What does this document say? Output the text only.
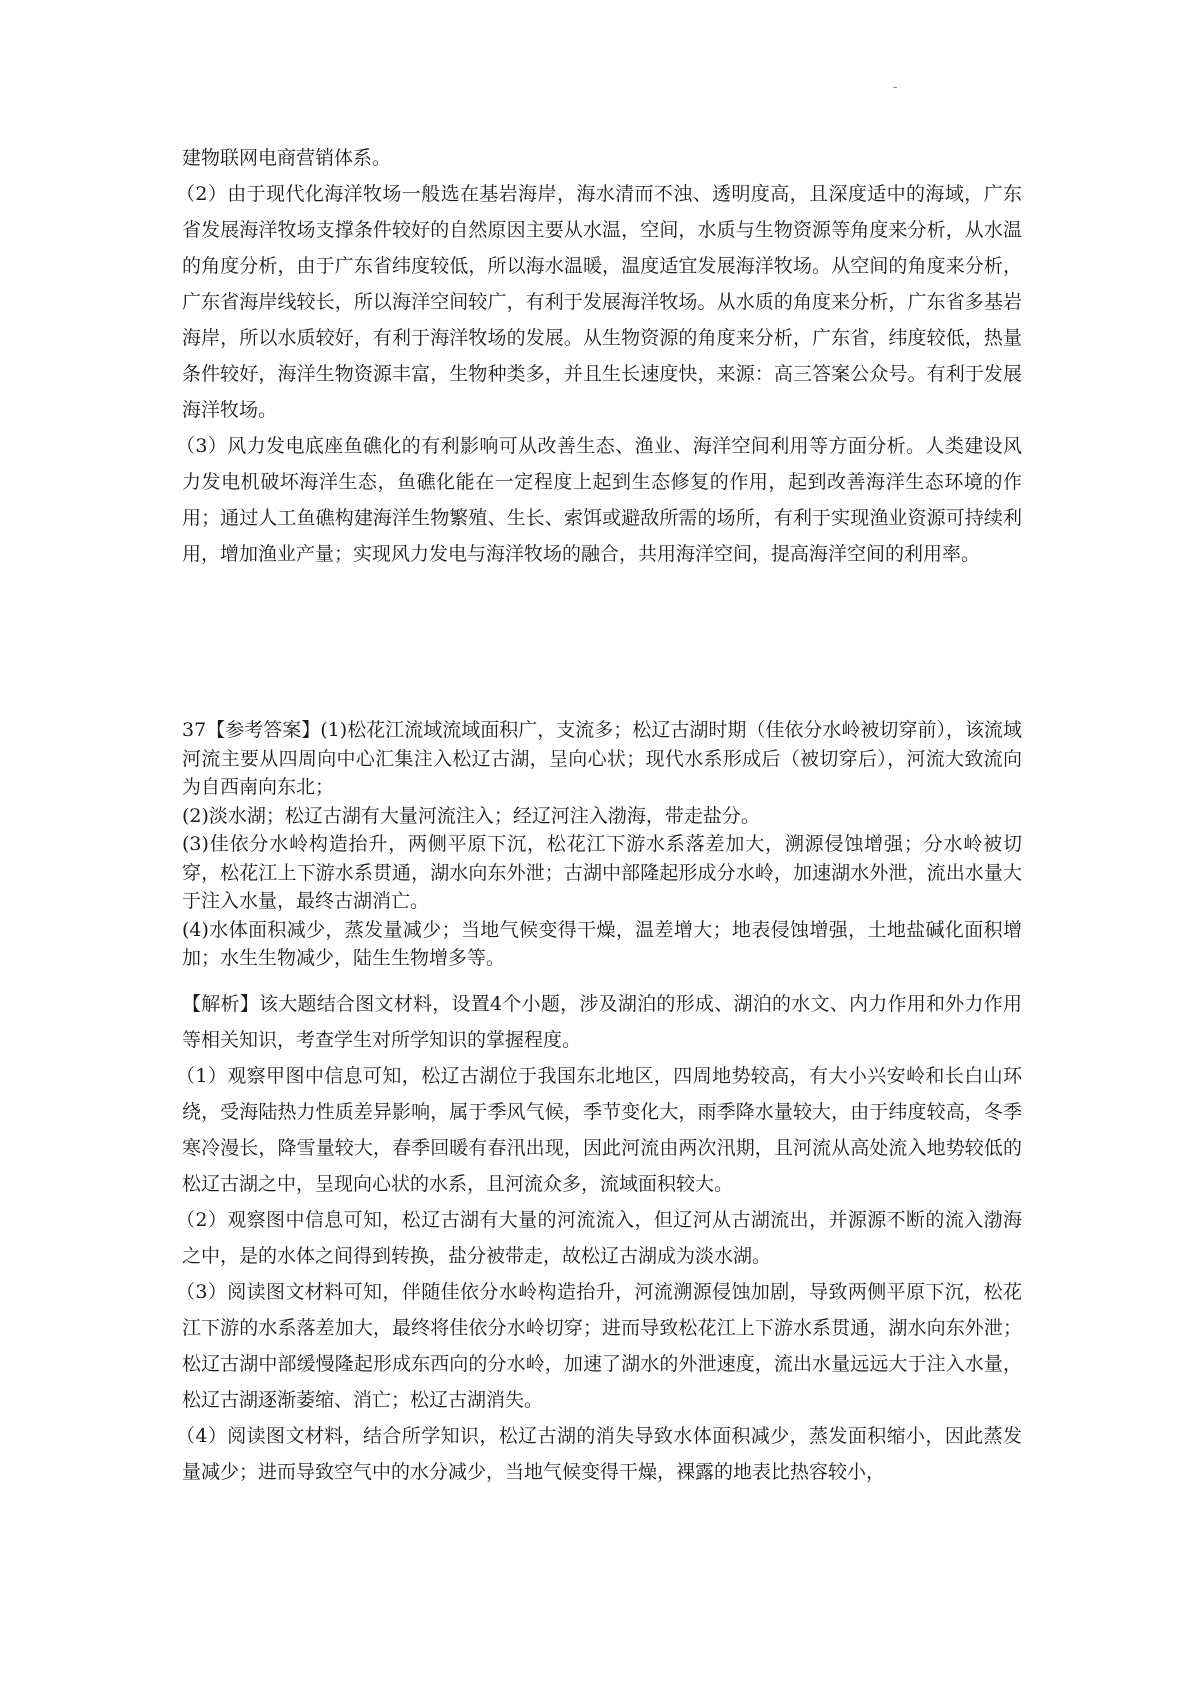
-

建物联网电商营销体系。

（2）由于现代化海洋牧场一般选在基岩海岸，海水清而不浊、透明度高，且深度适中的海域，广东省发展海洋牧场支撑条件较好的自然原因主要从水温，空间，水质与生物资源等角度来分析，从水温的角度分析，由于广东省纬度较低，所以海水温暖，温度适宜发展海洋牧场。从空间的角度来分析，广东省海岸线较长，所以海洋空间较广，有利于发展海洋牧场。从水质的角度来分析，广东省多基岩海岸，所以水质较好，有利于海洋牧场的发展。从生物资源的角度来分析，广东省，纬度较低，热量条件较好，海洋生物资源丰富，生物种类多，并且生长速度快，来源：高三答案公众号。有利于发展海洋牧场。

（3）风力发电底座鱼礁化的有利影响可从改善生态、渔业、海洋空间利用等方面分析。人类建设风力发电机破坏海洋生态，鱼礁化能在一定程度上起到生态修复的作用，起到改善海洋生态环境的作用；通过人工鱼礁构建海洋生物繁殖、生长、索饵或避敌所需的场所，有利于实现渔业资源可持续利用，增加渔业产量；实现风力发电与海洋牧场的融合，共用海洋空间，提高海洋空间的利用率。

37【参考答案】(1)松花江流域流域面积广，支流多；松辽古湖时期（佳依分水岭被切穿前），该流域河流主要从四周向中心汇集注入松辽古湖，呈向心状；现代水系形成后（被切穿后），河流大致流向为自西南向东北；

(2)淡水湖；松辽古湖有大量河流注入；经辽河注入渤海，带走盐分。

(3)佳依分水岭构造抬升，两侧平原下沉，松花江下游水系落差加大，溯源侵蚀增强；分水岭被切穿，松花江上下游水系贯通，湖水向东外泄；古湖中部隆起形成分水岭，加速湖水外泄，流出水量大于注入水量，最终古湖消亡。

(4)水体面积减少，蒸发量减少；当地气候变得干燥，温差增大；地表侵蚀增强，土地盐碱化面积增加；水生生物减少，陆生生物增多等。

【解析】该大题结合图文材料，设置4个小题，涉及湖泊的形成、湖泊的水文、内力作用和外力作用等相关知识，考查学生对所学知识的掌握程度。

（1）观察甲图中信息可知，松辽古湖位于我国东北地区，四周地势较高，有大小兴安岭和长白山环绕，受海陆热力性质差异影响，属于季风气候，季节变化大，雨季降水量较大，由于纬度较高，冬季寒冷漫长，降雪量较大，春季回暖有春汛出现，因此河流由两次汛期，且河流从高处流入地势较低的松辽古湖之中，呈现向心状的水系，且河流众多，流域面积较大。

（2）观察图中信息可知，松辽古湖有大量的河流流入，但辽河从古湖流出，并源源不断的流入渤海之中，是的水体之间得到转换，盐分被带走，故松辽古湖成为淡水湖。

（3）阅读图文材料可知，伴随佳依分水岭构造抬升，河流溯源侵蚀加剧，导致两侧平原下沉，松花江下游的水系落差加大，最终将佳依分水岭切穿；进而导致松花江上下游水系贯通，湖水向东外泄；松辽古湖中部缓慢隆起形成东西向的分水岭，加速了湖水的外泄速度，流出水量远远大于注入水量，松辽古湖逐渐萎缩、消亡；松辽古湖消失。

（4）阅读图文材料，结合所学知识，松辽古湖的消失导致水体面积减少，蒸发面积缩小，因此蒸发量减少；进而导致空气中的水分减少，当地气候变得干燥，裸露的地表比热容较小，
